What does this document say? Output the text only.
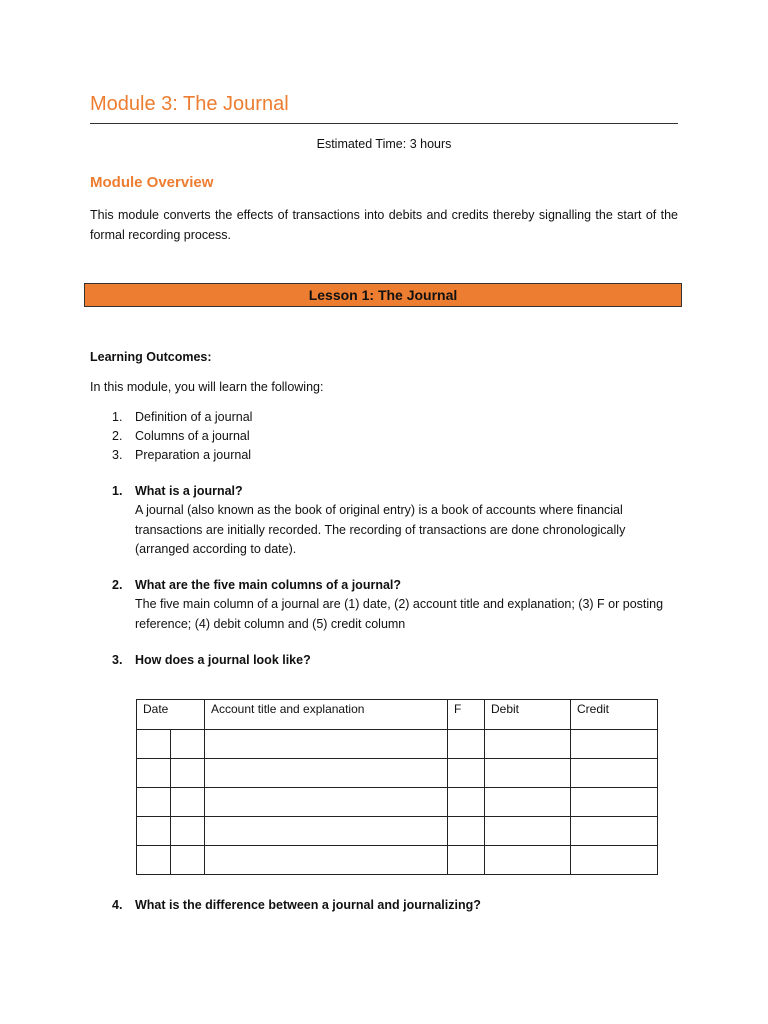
Module 3: The Journal
Estimated Time: 3 hours
Module Overview

This module converts the effects of transactions into debits and credits thereby signalling the start of the formal recording process.

Lesson 1: The Journal

Learning Outcomes:

In this module, you will learn the following:

1. Definition of a journal
2. Columns of a journal
3. Preparation a journal
1. What is a journal?

A journal (also known as the book of original entry) is a book of accounts where financial transactions are initially recorded. The recording of transactions are done chronologically (arranged according to date).

2. What are the five main columns of a journal?

The five main column of a journal are (1) date, (2) account title and explanation; (3) F or posting reference; (4) debit column and (5) credit column

3. How does a journal look like?
Date		Account title and explanation	F	Debit	Credit

4. What is the difference between a journal and journalizing?
